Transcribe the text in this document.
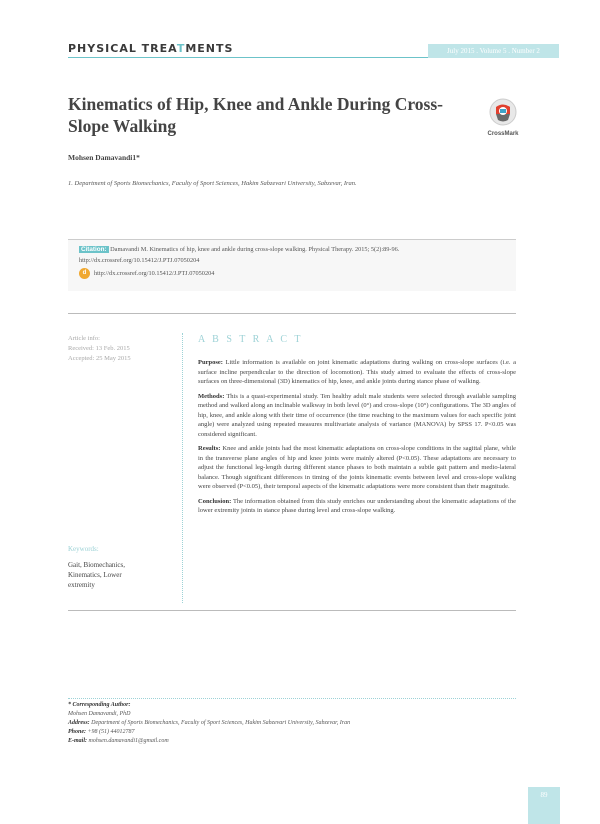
PHYSICAL TREATMENTS	July 2015 . Volume 5 . Number 2
Kinematics of Hip, Knee and Ankle During Cross-Slope Walking	CrossMark
Mohsen Damavandi1*
1. Department of Sports Biomechanics, Faculty of Sport Sciences, Hakim Sabzevari University, Sabzevar, Iran.
Citation: Damavandi M. Kinematics of hip, knee and ankle during cross-slope walking. Physical Therapy. 2015; 5(2):89-96. http://dx.crossref.org/10.15412/J.PTJ.07050204
d	http://dx.crossref.org/10.15412/J.PTJ.07050204
Article info:
Received: 13 Feb. 2015
Accepted: 25 May 2015
Keywords:
Gait, Biomechanics, Kinematics, Lower extremity
A B S T R A C T

Purpose: Little information is available on joint kinematic adaptations during walking on cross-slope surfaces (i.e. a surface incline perpendicular to the direction of locomotion). This study aimed to evaluate the effects of cross-slope surfaces on three-dimensional (3D) kinematics of hip, knee, and ankle joints during stance phase of walking.

Methods: This is a quasi-experimental study. Ten healthy adult male students were selected through available sampling method and walked along an inclinable walkway in both level (0°) and cross-slope (10°) configurations. The 3D angles of hip, knee, and ankle along with their time of occurrence (the time reaching to the maximum values for each specific joint angle) were analyzed using repeated measures multivariate analysis of variance (MANOVA) by SPSS 17. P<0.05 was considered significant.

Results: Knee and ankle joints had the most kinematic adaptations on cross-slope conditions in the sagittal plane, while in the transverse plane angles of hip and knee joints were mainly altered (P<0.05). These adaptations are necessary to adjust the functional leg-length during different stance phases to both maintain a subtle gait pattern and medio-lateral balance. Though significant differences in timing of the joints kinematic events between level and cross-slope walking were observed (P<0.05), their temporal aspects of the kinematic adaptations were more consistent than their magnitude.

Conclusion: The information obtained from this study enriches our understanding about the kinematic adaptations of the lower extremity joints in stance phase during level and cross-slope walking.

* Corresponding Author:
Mohsen Damavandi, PhD
Address: Department of Sports Biomechanics, Faculty of Sport Sciences, Hakim Sabzevari University, Sabzevar, Iran
Phone: +98 (51) 44012787
E-mail: mohsen.damavandi1@gmail.com
89
